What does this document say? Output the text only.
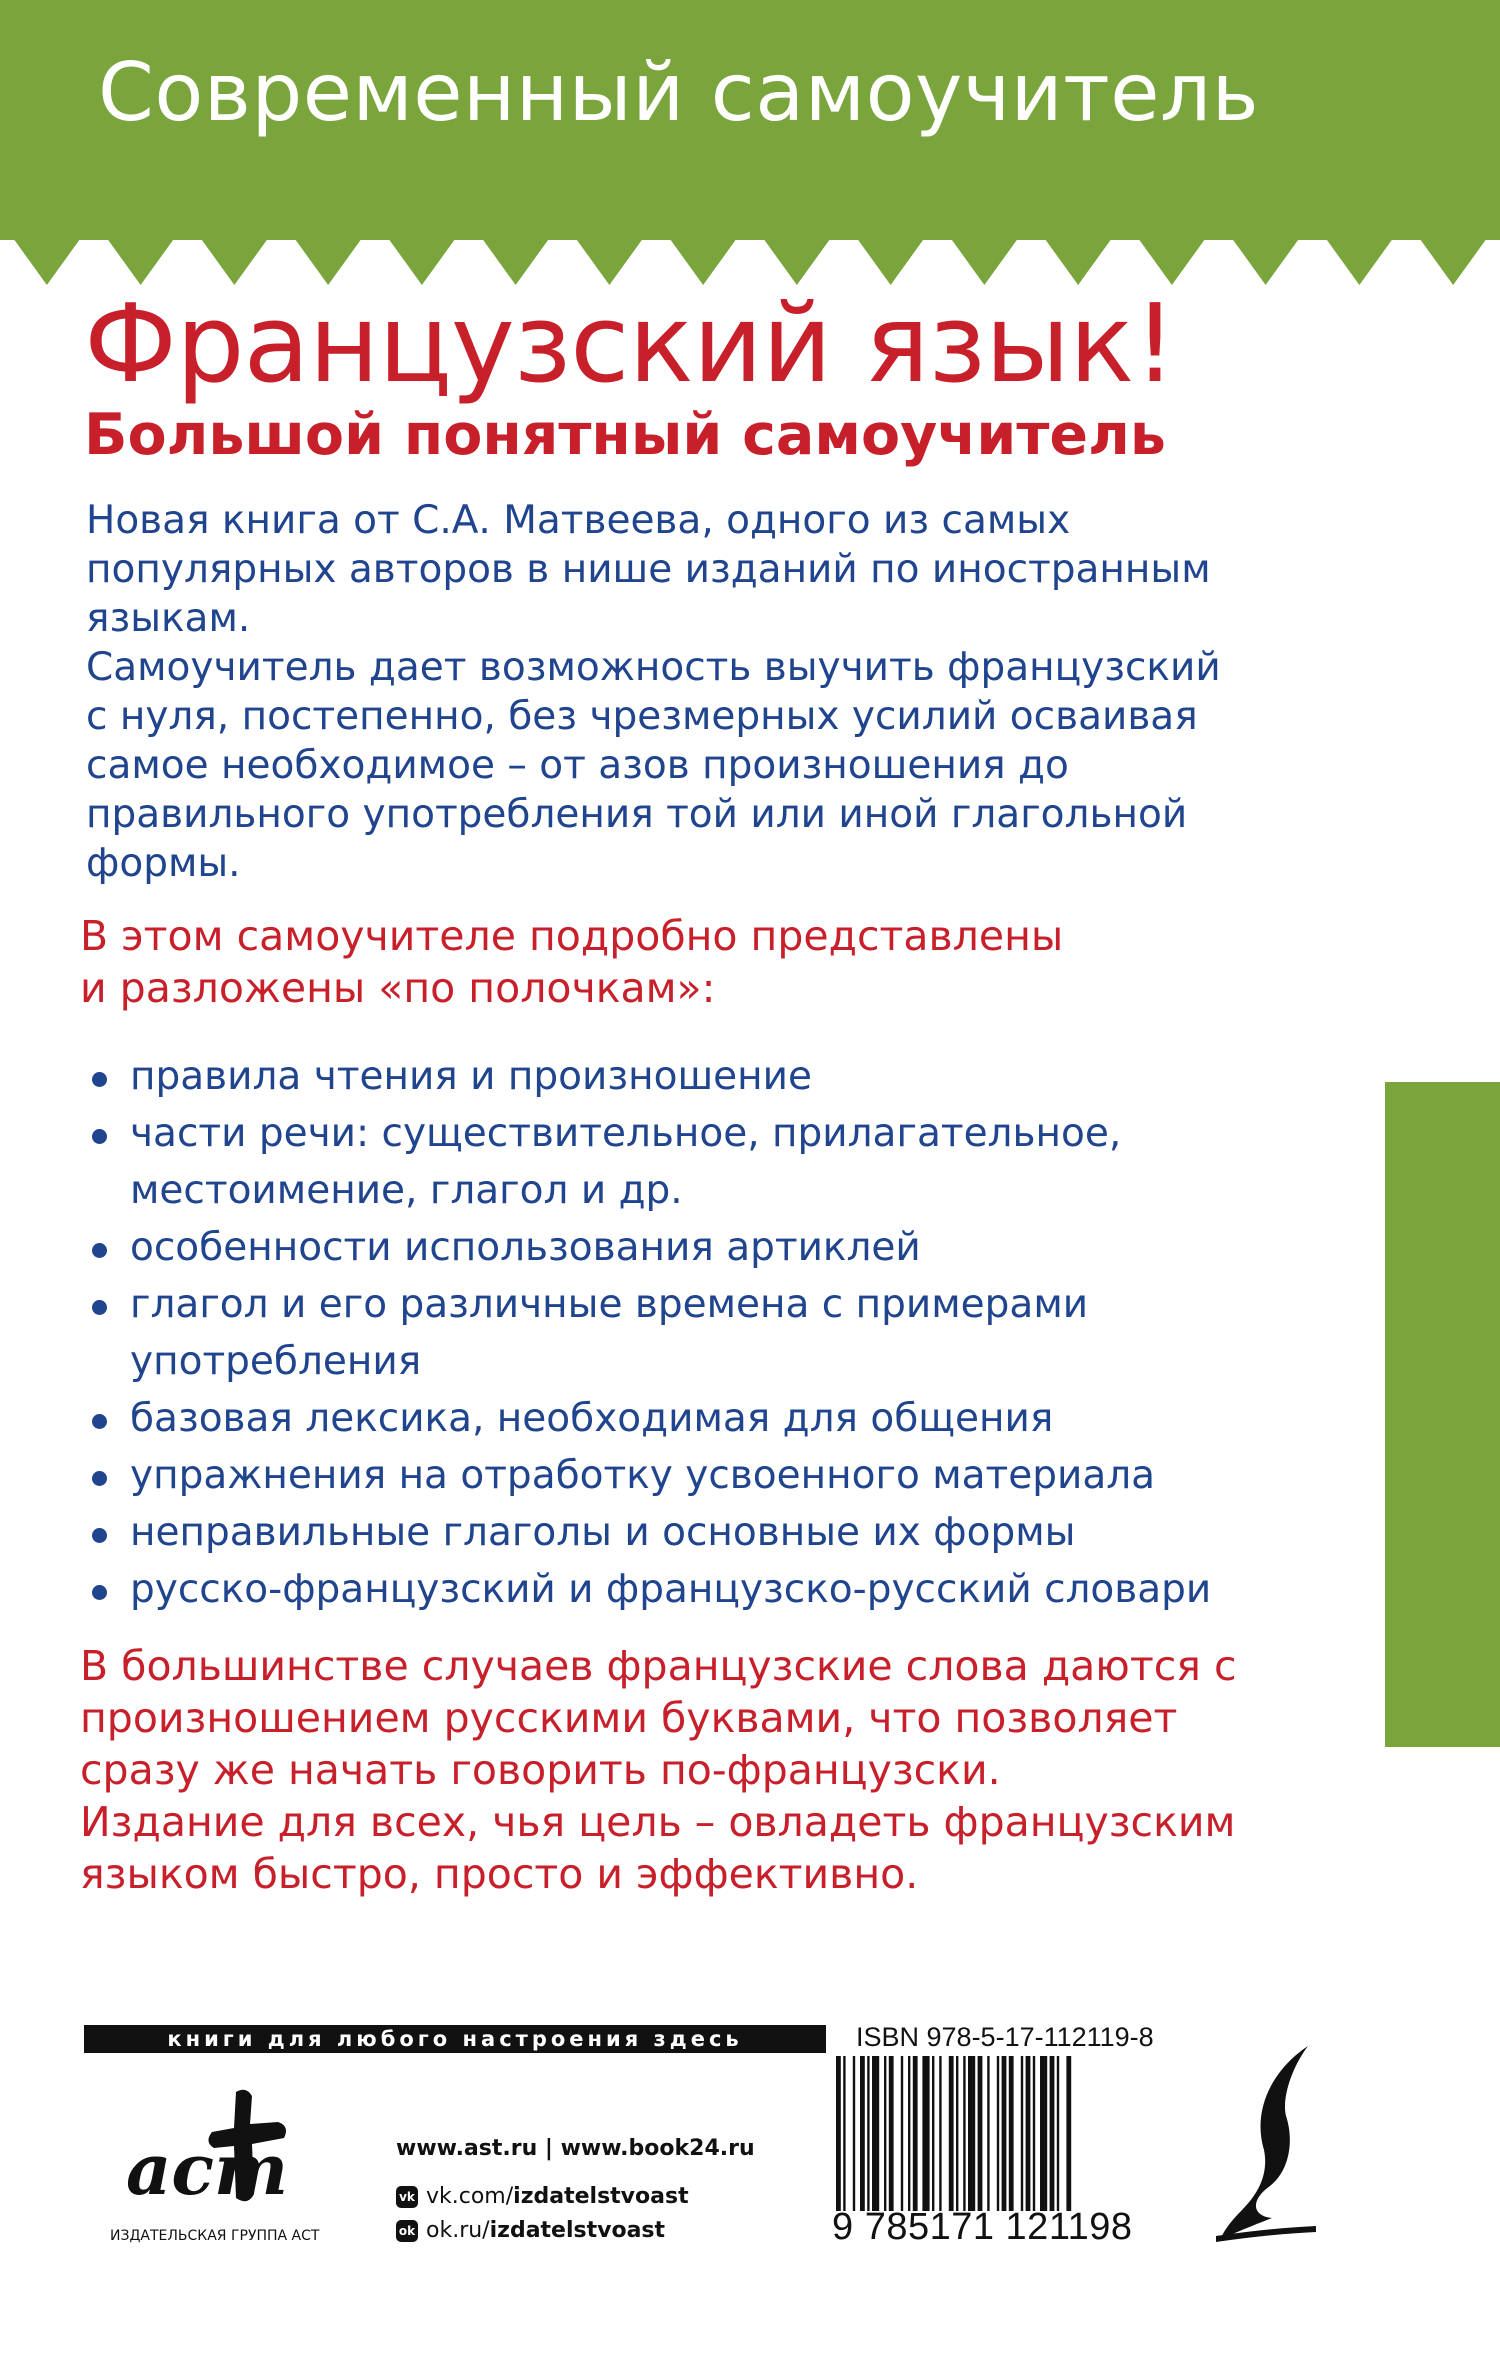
Современный самоучитель
Французский язык!
Большой понятный самоучитель

Новая книга от С.А. Матвеева, одного из самых

популярных авторов в нише изданий по иностранным

языкам.

Самоучитель дает возможность выучить французский

с нуля, постепенно, без чрезмерных усилий осваивая

самое необходимое – от азов произношения до

правильного употребления той или иной глагольной

формы.

В этом самоучителе подробно представлены

и разложены «по полочкам»:

правила чтения и произношение
части речи: существительное, прилагательное,
местоимение, глагол и др.
особенности использования артиклей
глагол и его различные времена с примерами
употребления
базовая лексика, необходимая для общения
упражнения на отработку усвоенного материала
неправильные глаголы и основные их формы
русско-французский и французско-русский словари

В большинстве случаев французские слова даются с

произношением русскими буквами, что позволяет

сразу же начать говорить по-французски.

Издание для всех, чья цель – овладеть французским

языком быстро, просто и эффективно.

книги для любого настроения здесь
аст
ИЗДАТЕЛЬСКАЯ ГРУППА АСТ
www.ast.ru | www.book24.ru
vk vk.com/ izdatelstvoast
ok ok.ru/ izdatelstvoast
ISBN 978-5-17-112119-8
9 785171 121198
